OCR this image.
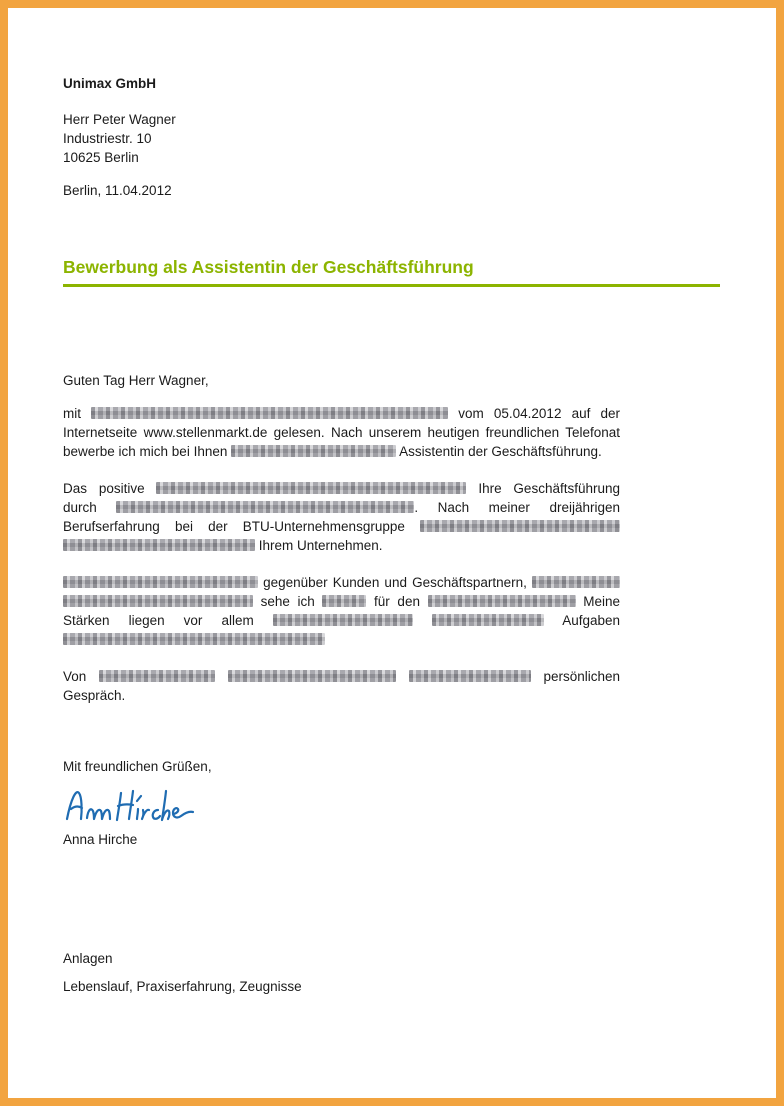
Unimax GmbH
Herr Peter Wagner
Industriestr. 10
10625 Berlin
Berlin, 11.04.2012
Bewerbung als Assistentin der Geschäftsführung
Guten Tag Herr Wagner,

mit	vom 05.04.2012 auf der Internetseite www.stellenmarkt.de gelesen. Nach unserem heutigen freundlichen Telefonat bewerbe ich mich bei Ihnen	Assistentin der Geschäftsführung.

Das positive	Ihre Geschäftsführung durch	. Nach meiner dreijährigen Berufserfahrung bei der BTU-Unternehmensgruppe   Ihrem Unternehmen.

gegenüber Kunden und Geschäftspartnern,   sehe ich	für den	Meine Stärken liegen vor allem	Aufgaben

Von	persönlichen Gespräch.

Mit freundlichen Grüßen,
Anna Hirche
Anlagen
Lebenslauf, Praxiserfahrung, Zeugnisse
